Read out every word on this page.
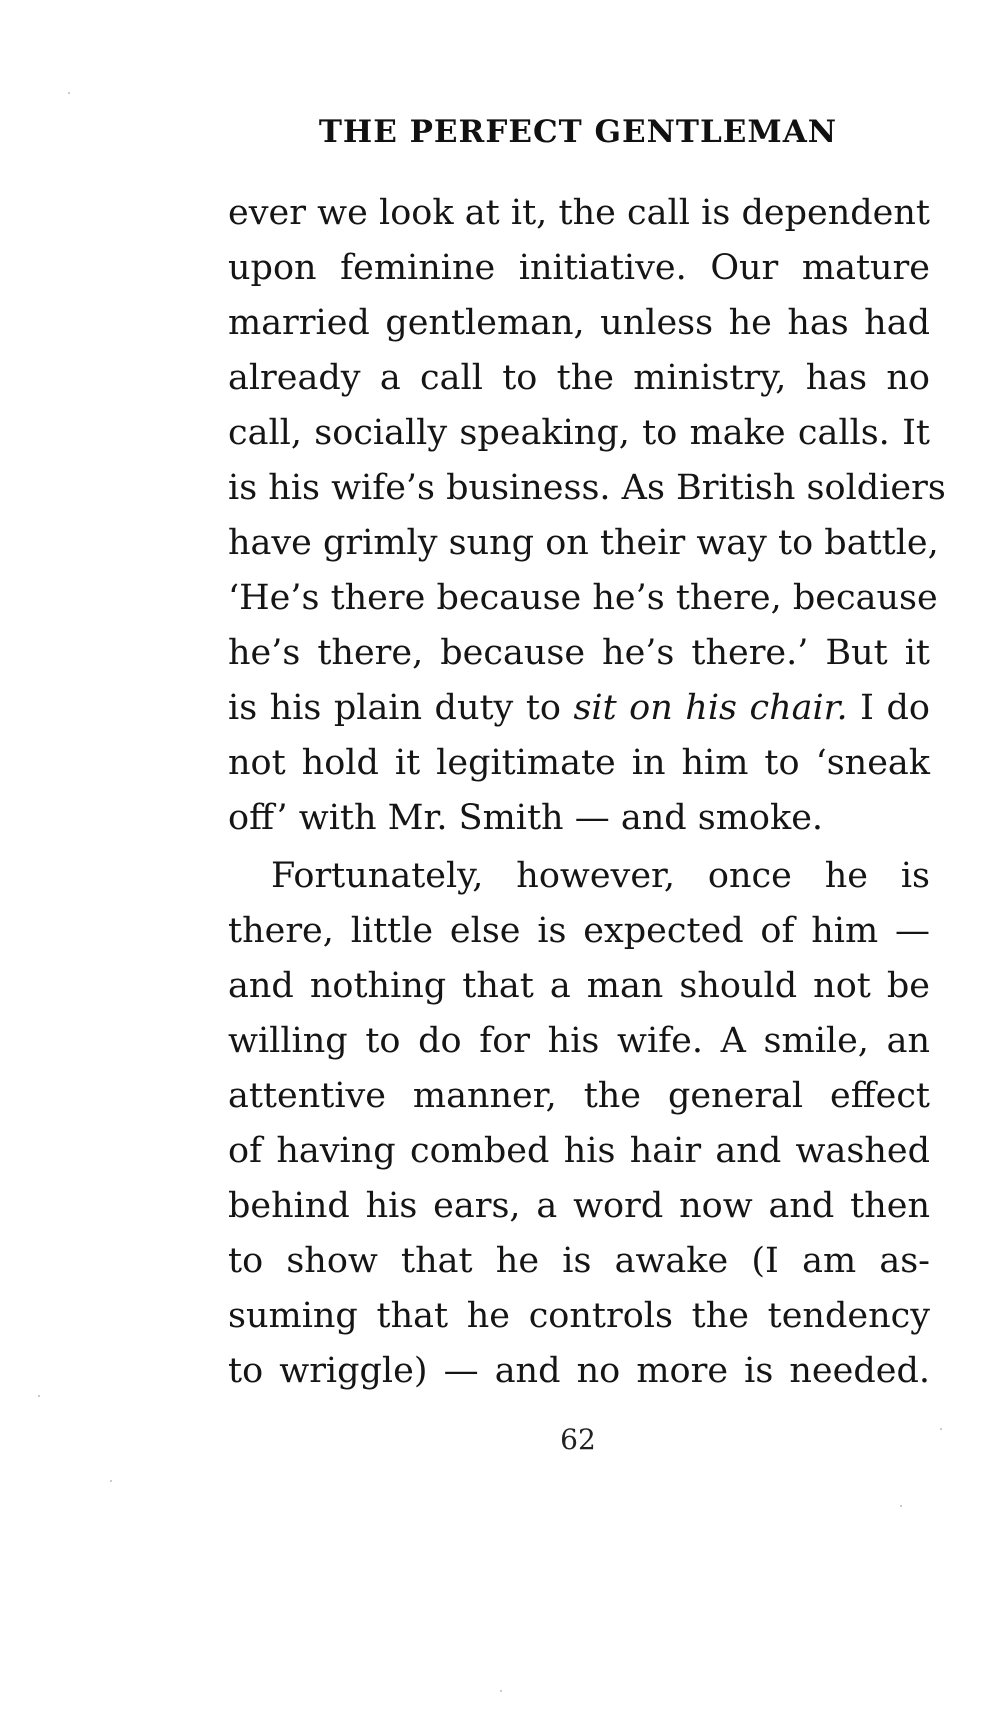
THE PERFECT GENTLEMAN
ever we look at it, the call is dependent
upon feminine initiative. Our mature
married gentleman, unless he has had
already a call to the ministry, has no
call, socially speaking, to make calls. It
is his wife’s business. As British soldiers
have grimly sung on their way to battle,
‘He’s there because he’s there, because
he’s there, because he’s there.’ But it
is his plain duty to sit on his chair. I do
not hold it legitimate in him to ‘sneak
off’ with Mr. Smith — and smoke.
Fortunately, however, once he is
there, little else is expected of him —
and nothing that a man should not be
willing to do for his wife. A smile, an
attentive manner, the general effect
of having combed his hair and washed
behind his ears, a word now and then
to show that he is awake (I am as-
suming that he controls the tendency
to wriggle) — and no more is needed.
62
